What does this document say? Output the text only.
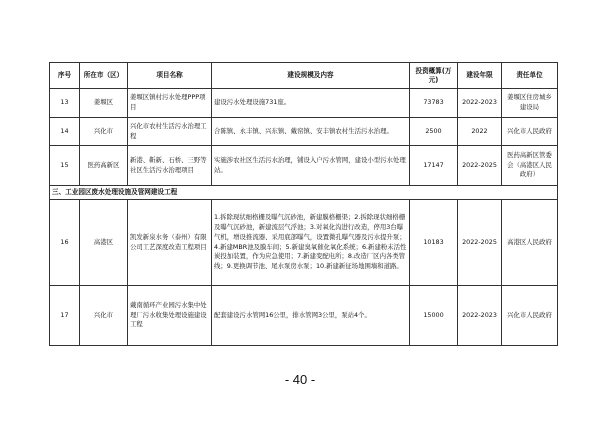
序号	所在市（区）	项目名称	建设规模及内容	投资概算(万元)	建设年限	责任单位
13	姜堰区	姜堰区镇村污水处理PPP项目	建设污水处理设施731座。	73783	2022-2023	姜堰区住房城乡建设局
14	兴化市	兴化市农村生活污水治理工程	合陈镇、永丰镇、兴东镇、戴窑镇、安丰镇农村生活污水治理。	2500	2022	兴化市人民政府
15	医药高新区	新港、靳新、石桥、三野等社区生活污水治理项目	实施涉农社区生活污水治理，铺设入户污水管网，建设小型污水处理站。	17147	2022-2025	医药高新区管委会（高港区人民政府）
三、工业园区废水处理设施及管网建设工程						
16	高港区	凯发新泉水务（泰州）有限公司工艺深度改造工程项目	1.拆除现状细格栅及曝气沉砂池，新建膜格栅渠；2.拆除现状细格栅及曝气沉砂池，新建流层气浮池；3.对氧化沟进行改造，停用3台曝气机，增设推流器、采用底部曝气，设置微孔曝气器及污水提升泵；4.新建MBR池及膜车间；5.新建臭氧催化氧化系统；6.新建粉末活性炭投加装置，作为应急使用；7.新建变配电所；8.改造厂区内各类管线；9.更换调节池、尾水泵房水泵；10.新建新征场地围墙和道路。	10183	2022-2025	高港区人民政府
17	兴化市	戴南循环产业园污水集中处理厂污水收集处理设施建设工程	配套建设污水管网16公里，排水管网3公里，泵站4个。	15000	2022-2023	兴化市人民政府
- 40 -
